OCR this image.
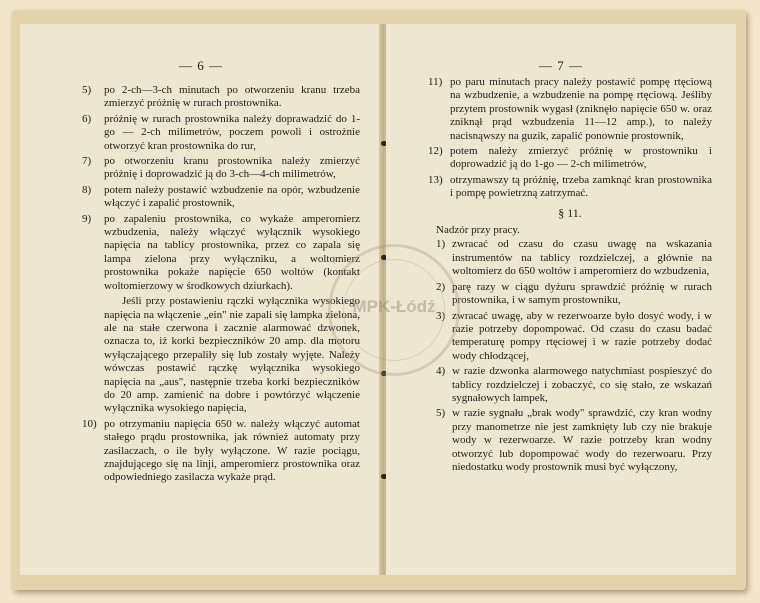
— 6 —
5)	po 2-ch—3-ch minutach po otworzeniu kranu trzeba zmierzyć próżnię w rurach prostownika.
6)	próżnię w rurach prostownika należy doprawadzić do 1-go — 2-ch milimetrów, poczem powoli i ostrożnie otworzyć kran prostownika do rur,
7)	po otworzeniu kranu prostownika należy zmierzyć próżnię i doprowadzić ją do 3-ch—4-ch milimetrów,
8)	potem należy postawić wzbudzenie na opór, wzbudzenie włączyć i zapalić prostownik,
9)	po zapaleniu prostownika, co wykaże amperomierz wzbudzenia, należy włączyć wyłącznik wysokiego napięcia na tablicy prostownika, przez co zapala się lampa zielona przy wyłączniku, a woltomierz prostownika pokaże napięcie 650 woltów (kontakt woltomierzowy w środkowych dziurkach).
Jeśli przy postawieniu rączki wyłącznika wysokiego napięcia na włączenie „ein" nie zapali się lampka zielona, ale na stałe czerwona i zacznie alarmować dzwonek, oznacza to, iż korki bezpieczników 20 amp. dla motoru wyłączającego przepaliły się lub zostały wyjęte. Należy wówczas postawić rączkę wyłącznika wysokiego napięcia na „aus", następnie trzeba korki bezpieczników do 20 amp. zamienić na dobre i powtórzyć włączenie wyłącznika wysokiego napięcia,
10) po otrzymaniu napięcia 650 w. należy włączyć automat stałego prądu prostownika, jak również automaty przy zasilaczach, o ile były wyłączone. W razie pociągu, znajdującego się na linji, amperomierz prostownika oraz odpowiedniego zasilacza wykaże prąd.
— 7 —
11) po paru minutach pracy należy postawić pompę rtęciową na wzbudzenie, a wzbudzenie na pompę rtęciową. Jeśliby przytem prostownik wygasł (zniknęło napięcie 650 w. oraz zniknął prąd wzbudzenia 11—12 amp.), to należy nacisnąwszy na guzik, zapalić ponownie prostownik,
12) potem należy zmierzyć próżnię w prostowniku i doprowadzić ją do 1-go — 2-ch milimetrów,
13) otrzymawszy tą próżnię, trzeba zamknąć kran prostownika i pompę powietrzną zatrzymać.
§ 11.
Nadzór przy pracy.
1) zwracać od czasu do czasu uwagę na wskazania instrumentów na tablicy rozdzielczej, a głównie na woltomierz do 650 woltów i amperomierz do wzbudzenia,
2) parę razy w ciągu dyżuru sprawdzić próżnię w rurach prostownika, i w samym prostowniku,
3) zwracać uwagę, aby w rezerwoarze było dosyć wody, i w razie potrzeby dopompować. Od czasu do czasu badać temperaturę pompy rtęciowej i w razie potrzeby dodać wody chłodzącej,
4) w razie dzwonka alarmowego natychmiast pospieszyć do tablicy rozdzielczej i zobaczyć, co się stało, ze wskazań sygnałowych lampek,
5) w razie sygnału „brak wody" sprawdzić, czy kran wodny przy manometrze nie jest zamknięty lub czy nie brakuje wody w rezerwoarze. W razie potrzeby kran wodny otworzyć lub dopompować wody do rezerwoaru. Przy niedostatku wody prostownik musi być wyłączony,
MPK-Łódź
